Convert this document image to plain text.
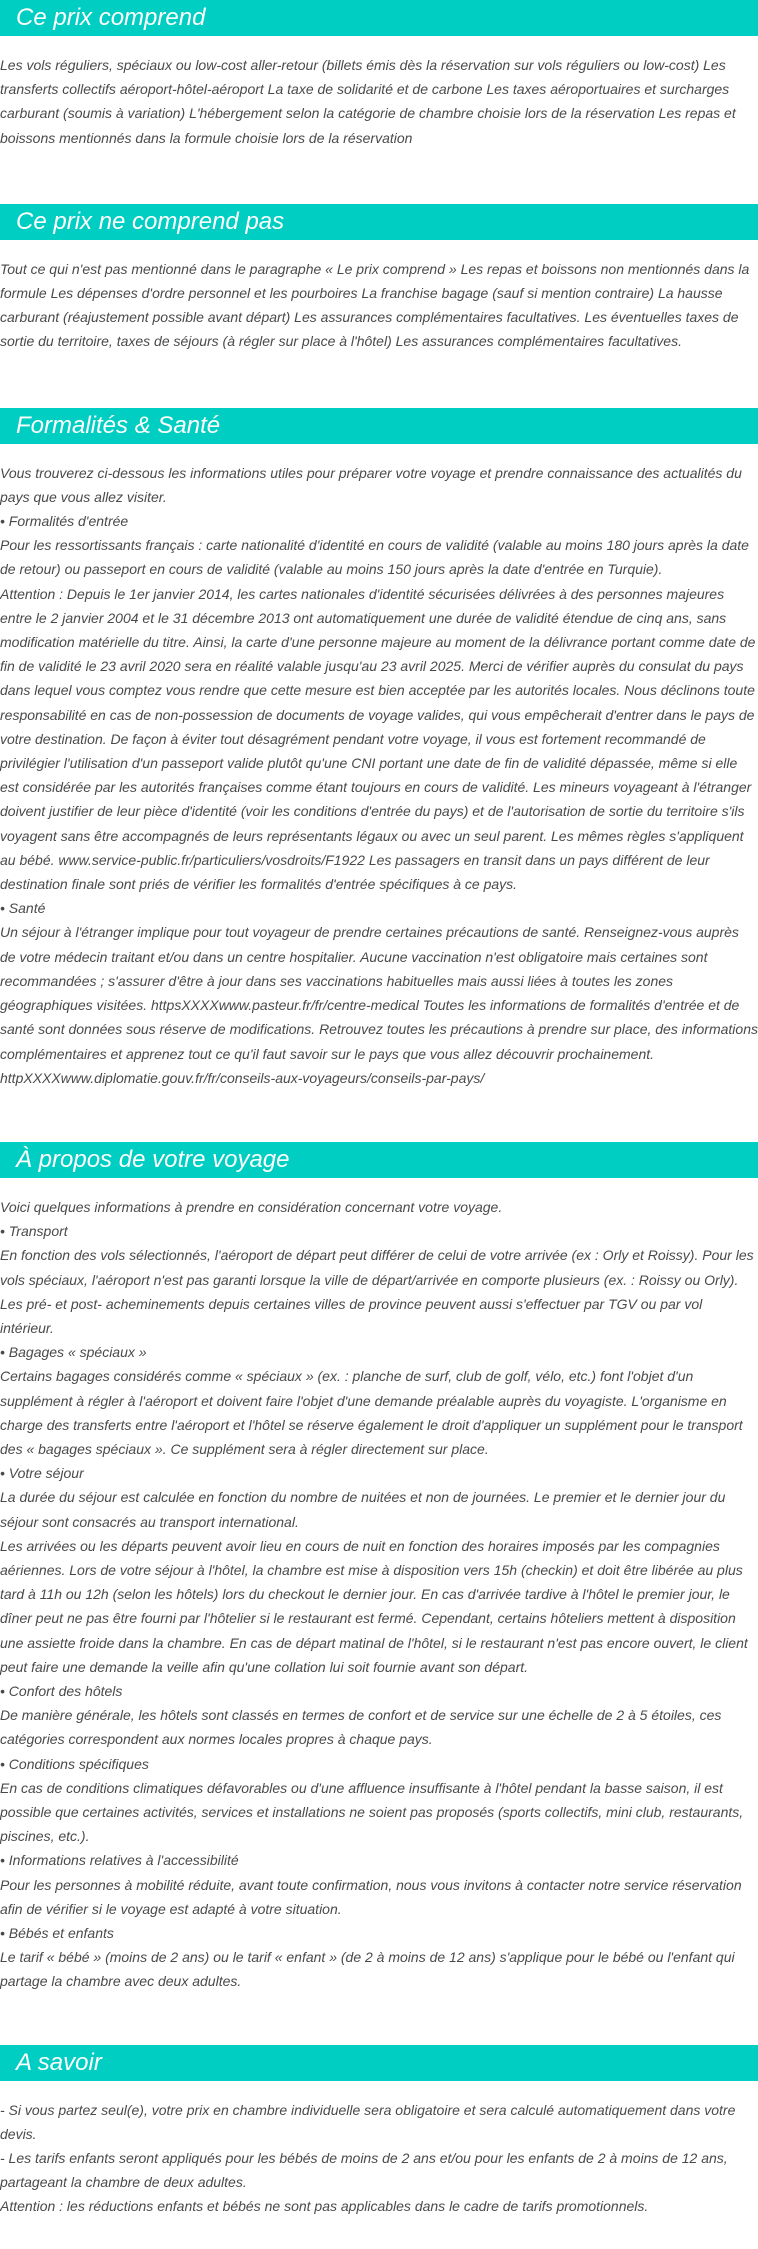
Ce prix comprend

Les vols réguliers, spéciaux ou low-cost aller-retour (billets émis dès la réservation sur vols réguliers ou low-cost) Les transferts collectifs aéroport-hôtel-aéroport La taxe de solidarité et de carbone Les taxes aéroportuaires et surcharges carburant (soumis à variation) L'hébergement selon la catégorie de chambre choisie lors de la réservation Les repas et boissons mentionnés dans la formule choisie lors de la réservation

Ce prix ne comprend pas

Tout ce qui n'est pas mentionné dans le paragraphe « Le prix comprend » Les repas et boissons non mentionnés dans la formule Les dépenses d'ordre personnel et les pourboires La franchise bagage (sauf si mention contraire) La hausse carburant (réajustement possible avant départ) Les assurances complémentaires facultatives. Les éventuelles taxes de sortie du territoire, taxes de séjours (à régler sur place à l'hôtel) Les assurances complémentaires facultatives.

Formalités & Santé

Vous trouverez ci-dessous les informations utiles pour préparer votre voyage et prendre connaissance des actualités du pays que vous allez visiter.

• Formalités d'entrée

Pour les ressortissants français : carte nationalité d'identité en cours de validité (valable au moins 180 jours après la date de retour) ou passeport en cours de validité (valable au moins 150 jours après la date d'entrée en Turquie).

Attention : Depuis le 1er janvier 2014, les cartes nationales d'identité sécurisées délivrées à des personnes majeures entre le 2 janvier 2004 et le 31 décembre 2013 ont automatiquement une durée de validité étendue de cinq ans, sans modification matérielle du titre. Ainsi, la carte d'une personne majeure au moment de la délivrance portant comme date de fin de validité le 23 avril 2020 sera en réalité valable jusqu'au 23 avril 2025. Merci de vérifier auprès du consulat du pays dans lequel vous comptez vous rendre que cette mesure est bien acceptée par les autorités locales. Nous déclinons toute responsabilité en cas de non-possession de documents de voyage valides, qui vous empêcherait d'entrer dans le pays de votre destination. De façon à éviter tout désagrément pendant votre voyage, il vous est fortement recommandé de privilégier l'utilisation d'un passeport valide plutôt qu'une CNI portant une date de fin de validité dépassée, même si elle est considérée par les autorités françaises comme étant toujours en cours de validité. Les mineurs voyageant à l'étranger doivent justifier de leur pièce d'identité (voir les conditions d'entrée du pays) et de l'autorisation de sortie du territoire s'ils voyagent sans être accompagnés de leurs représentants légaux ou avec un seul parent. Les mêmes règles s'appliquent au bébé. www.service-public.fr/particuliers/vosdroits/F1922 Les passagers en transit dans un pays différent de leur destination finale sont priés de vérifier les formalités d'entrée spécifiques à ce pays.

• Santé

Un séjour à l'étranger implique pour tout voyageur de prendre certaines précautions de santé. Renseignez-vous auprès de votre médecin traitant et/ou dans un centre hospitalier. Aucune vaccination n'est obligatoire mais certaines sont recommandées ; s'assurer d'être à jour dans ses vaccinations habituelles mais aussi liées à toutes les zones géographiques visitées. httpsXXXXwww.pasteur.fr/fr/centre-medical Toutes les informations de formalités d'entrée et de santé sont données sous réserve de modifications. Retrouvez toutes les précautions à prendre sur place, des informations complémentaires et apprenez tout ce qu'il faut savoir sur le pays que vous allez découvrir prochainement. httpXXXXwww.diplomatie.gouv.fr/fr/conseils-aux-voyageurs/conseils-par-pays/

À propos de votre voyage

Voici quelques informations à prendre en considération concernant votre voyage.

• Transport

En fonction des vols sélectionnés, l'aéroport de départ peut différer de celui de votre arrivée (ex : Orly et Roissy). Pour les vols spéciaux, l'aéroport n'est pas garanti lorsque la ville de départ/arrivée en comporte plusieurs (ex. : Roissy ou Orly). Les pré- et post- acheminements depuis certaines villes de province peuvent aussi s'effectuer par TGV ou par vol intérieur.

• Bagages « spéciaux »

Certains bagages considérés comme « spéciaux » (ex. : planche de surf, club de golf, vélo, etc.) font l'objet d'un supplément à régler à l'aéroport et doivent faire l'objet d'une demande préalable auprès du voyagiste. L'organisme en charge des transferts entre l'aéroport et l'hôtel se réserve également le droit d'appliquer un supplément pour le transport des « bagages spéciaux ». Ce supplément sera à régler directement sur place.

• Votre séjour

La durée du séjour est calculée en fonction du nombre de nuitées et non de journées. Le premier et le dernier jour du séjour sont consacrés au transport international.

Les arrivées ou les départs peuvent avoir lieu en cours de nuit en fonction des horaires imposés par les compagnies aériennes. Lors de votre séjour à l'hôtel, la chambre est mise à disposition vers 15h (checkin) et doit être libérée au plus tard à 11h ou 12h (selon les hôtels) lors du checkout le dernier jour. En cas d'arrivée tardive à l'hôtel le premier jour, le dîner peut ne pas être fourni par l'hôtelier si le restaurant est fermé. Cependant, certains hôteliers mettent à disposition une assiette froide dans la chambre. En cas de départ matinal de l'hôtel, si le restaurant n'est pas encore ouvert, le client peut faire une demande la veille afin qu'une collation lui soit fournie avant son départ.

• Confort des hôtels

De manière générale, les hôtels sont classés en termes de confort et de service sur une échelle de 2 à 5 étoiles, ces catégories correspondent aux normes locales propres à chaque pays.

• Conditions spécifiques

En cas de conditions climatiques défavorables ou d'une affluence insuffisante à l'hôtel pendant la basse saison, il est possible que certaines activités, services et installations ne soient pas proposés (sports collectifs, mini club, restaurants, piscines, etc.).

• Informations relatives à l'accessibilité

Pour les personnes à mobilité réduite, avant toute confirmation, nous vous invitons à contacter notre service réservation afin de vérifier si le voyage est adapté à votre situation.

• Bébés et enfants

Le tarif « bébé » (moins de 2 ans) ou le tarif « enfant » (de 2 à moins de 12 ans) s'applique pour le bébé ou l'enfant qui partage la chambre avec deux adultes.

A savoir

- Si vous partez seul(e), votre prix en chambre individuelle sera obligatoire et sera calculé automatiquement dans votre devis.

- Les tarifs enfants seront appliqués pour les bébés de moins de 2 ans et/ou pour les enfants de 2 à moins de 12 ans, partageant la chambre de deux adultes.

Attention : les réductions enfants et bébés ne sont pas applicables dans le cadre de tarifs promotionnels.
